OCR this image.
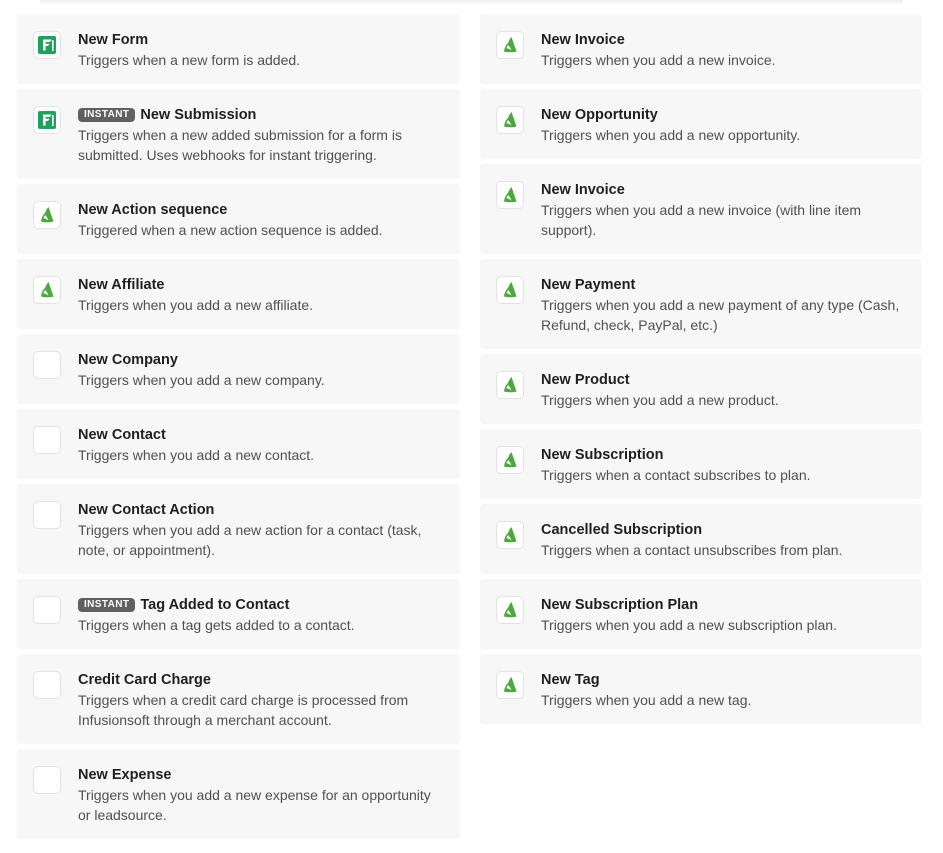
New Form
Triggers when a new form is added.
INSTANT New Submission
Triggers when a new added submission for a form is submitted. Uses webhooks for instant triggering.
New Action sequence
Triggered when a new action sequence is added.
New Affiliate
Triggers when you add a new affiliate.
New Company
Triggers when you add a new company.
New Contact
Triggers when you add a new contact.
New Contact Action
Triggers when you add a new action for a contact (task, note, or appointment).
INSTANT Tag Added to Contact
Triggers when a tag gets added to a contact.
Credit Card Charge
Triggers when a credit card charge is processed from Infusionsoft through a merchant account.
New Expense
Triggers when you add a new expense for an opportunity or leadsource.
New Invoice
Triggers when you add a new invoice.
New Opportunity
Triggers when you add a new opportunity.
New Invoice
Triggers when you add a new invoice (with line item support).
New Payment
Triggers when you add a new payment of any type (Cash, Refund, check, PayPal, etc.)
New Product
Triggers when you add a new product.
New Subscription
Triggers when a contact subscribes to plan.
Cancelled Subscription
Triggers when a contact unsubscribes from plan.
New Subscription Plan
Triggers when you add a new subscription plan.
New Tag
Triggers when you add a new tag.
